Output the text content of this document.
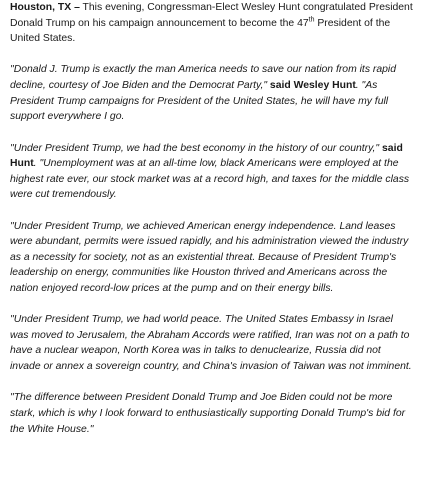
Houston, TX – This evening, Congressman-Elect Wesley Hunt congratulated President Donald Trump on his campaign announcement to become the 47th President of the United States.

"Donald J. Trump is exactly the man America needs to save our nation from its rapid decline, courtesy of Joe Biden and the Democrat Party," said Wesley Hunt. "As President Trump campaigns for President of the United States, he will have my full support everywhere I go.

"Under President Trump, we had the best economy in the history of our country," said Hunt. "Unemployment was at an all-time low, black Americans were employed at the highest rate ever, our stock market was at a record high, and taxes for the middle class were cut tremendously.

"Under President Trump, we achieved American energy independence. Land leases were abundant, permits were issued rapidly, and his administration viewed the industry as a necessity for society, not as an existential threat. Because of President Trump's leadership on energy, communities like Houston thrived and Americans across the nation enjoyed record-low prices at the pump and on their energy bills.

"Under President Trump, we had world peace. The United States Embassy in Israel was moved to Jerusalem, the Abraham Accords were ratified, Iran was not on a path to have a nuclear weapon, North Korea was in talks to denuclearize, Russia did not invade or annex a sovereign country, and China's invasion of Taiwan was not imminent.

"The difference between President Donald Trump and Joe Biden could not be more stark, which is why I look forward to enthusiastically supporting Donald Trump's bid for the White House."
